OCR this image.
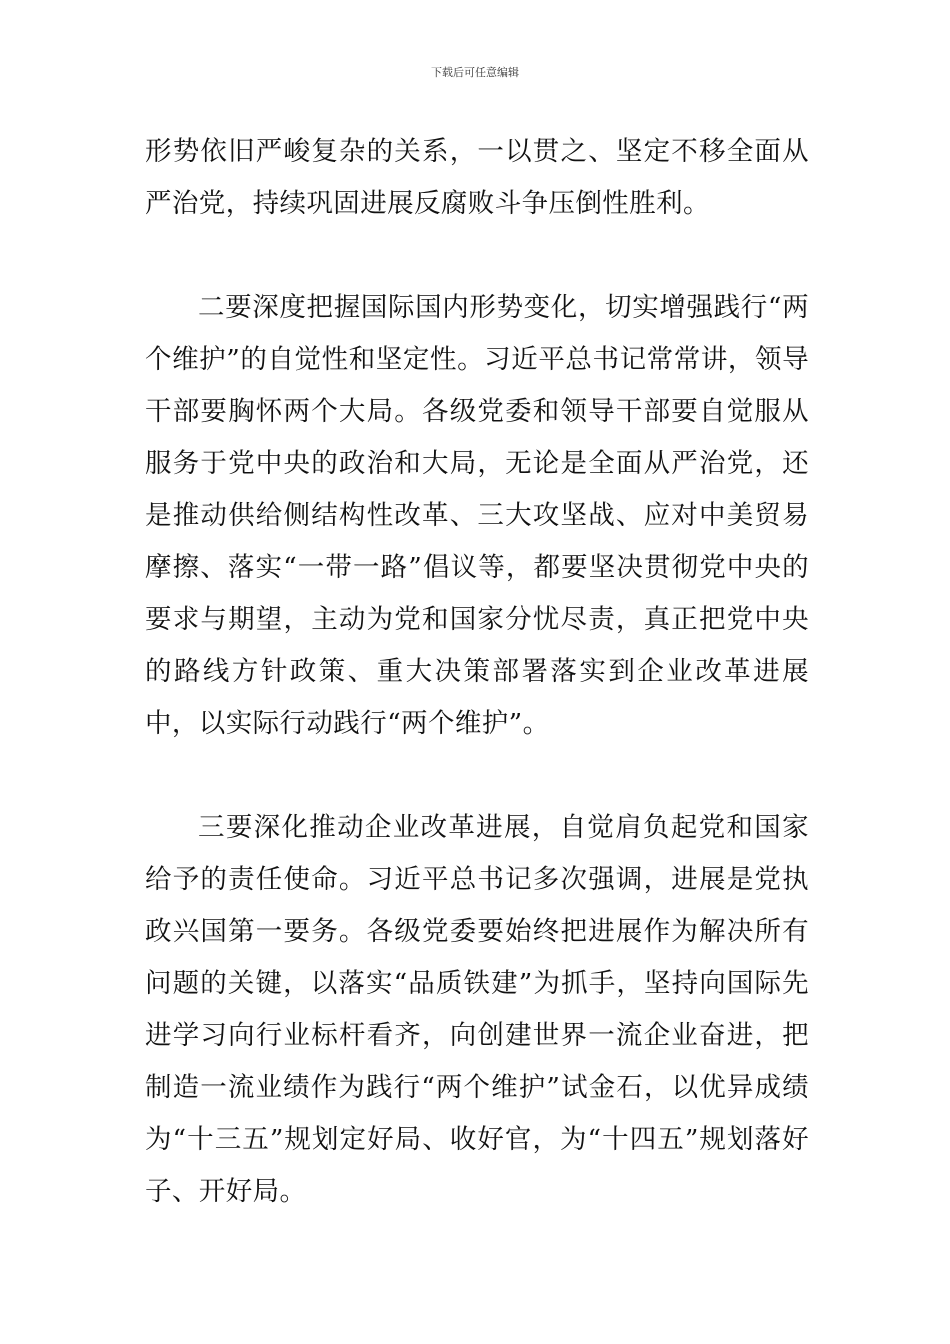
下载后可任意编辑

形势依旧严峻复杂的关系，一以贯之、坚定不移全面从严治党，持续巩固进展反腐败斗争压倒性胜利。

二要深度把握国际国内形势变化，切实增强践行“两个维护”的自觉性和坚定性。习近平总书记常常讲，领导干部要胸怀两个大局。各级党委和领导干部要自觉服从服务于党中央的政治和大局，无论是全面从严治党，还是推动供给侧结构性改革、三大攻坚战、应对中美贸易摩擦、落实“一带一路”倡议等，都要坚决贯彻党中央的要求与期望，主动为党和国家分忧尽责，真正把党中央的路线方针政策、重大决策部署落实到企业改革进展中，以实际行动践行“两个维护”。

三要深化推动企业改革进展，自觉肩负起党和国家给予的责任使命。习近平总书记多次强调，进展是党执政兴国第一要务。各级党委要始终把进展作为解决所有问题的关键，以落实“品质铁建”为抓手，坚持向国际先进学习向行业标杆看齐，向创建世界一流企业奋进，把制造一流业绩作为践行“两个维护”试金石，以优异成绩为“十三五”规划定好局、收好官，为“十四五”规划落好子、开好局。
